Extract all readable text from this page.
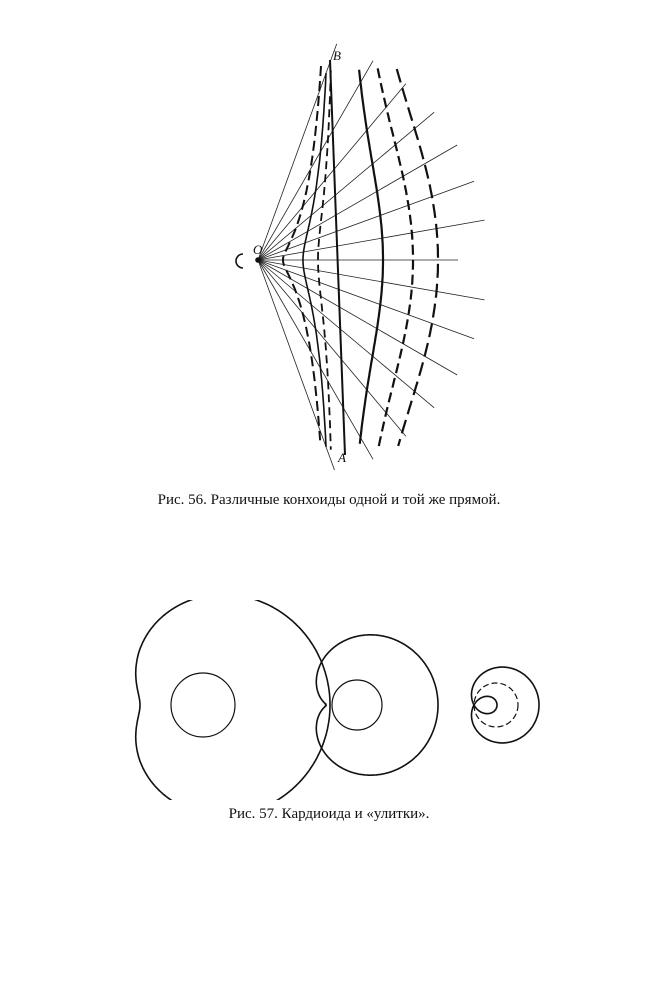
B
A
O
Рис. 56. Различные конхоиды одной и той же прямой.
Рис. 57. Кардиоида и «улитки».
